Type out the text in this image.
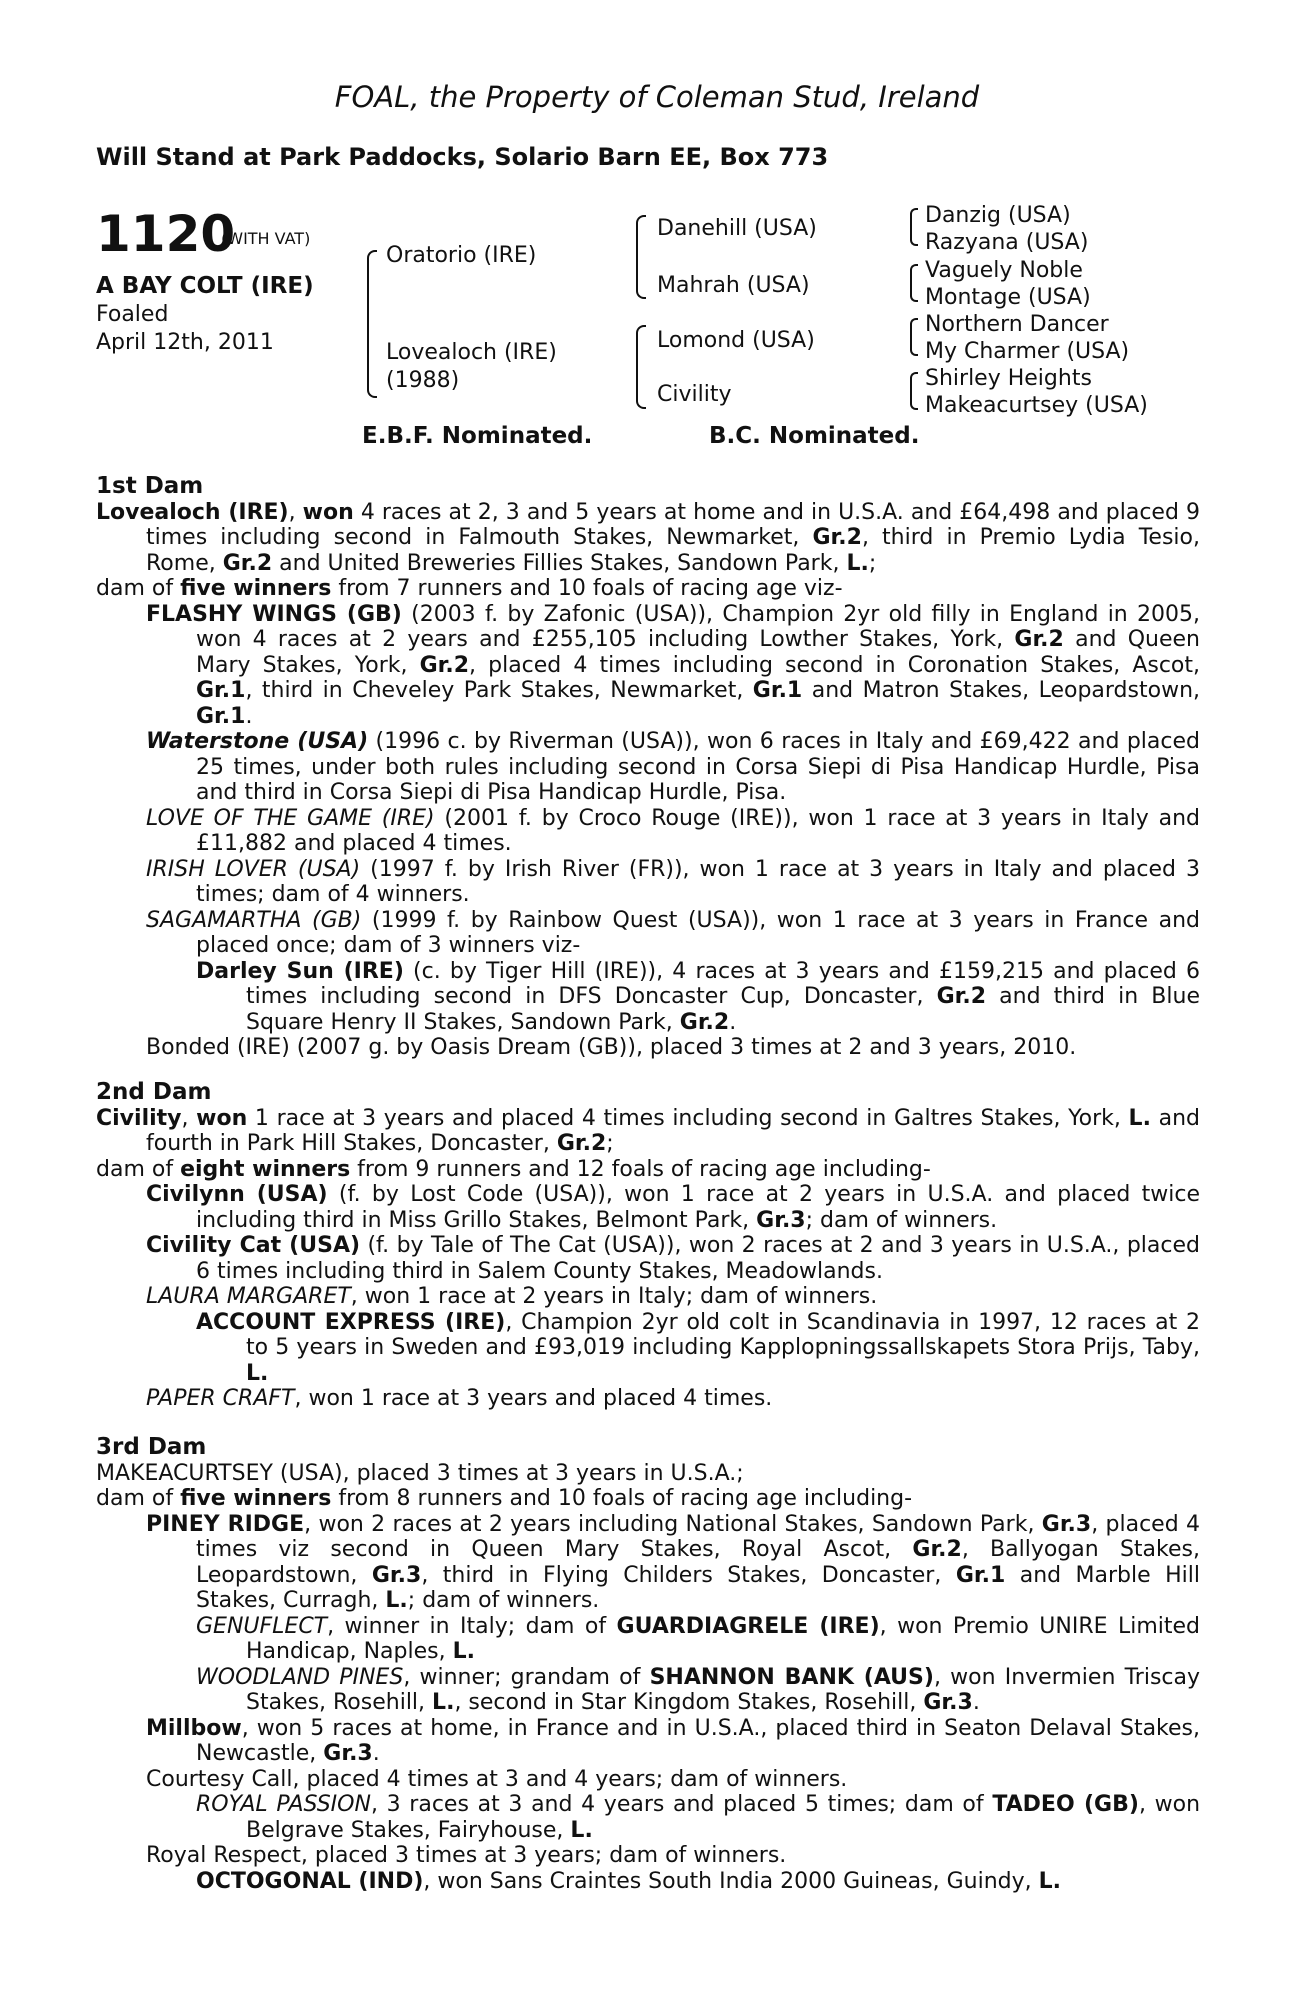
FOAL, the Property of Coleman Stud, Ireland
Will Stand at Park Paddocks, Solario Barn EE, Box 773
1120
(WITH VAT)
A BAY COLT (IRE)
Foaled
April 12th, 2011
Oratorio (IRE)
Lovealoch (IRE)
(1988)
Danehill (USA)
Mahrah (USA)
Lomond (USA)
Civility
Danzig (USA)
Razyana (USA)
Vaguely Noble
Montage (USA)
Northern Dancer
My Charmer (USA)
Shirley Heights
Makeacurtsey (USA)
E.B.F. Nominated.	B.C. Nominated.
1st Dam

Lovealoch (IRE), won 4 races at 2, 3 and 5 years at home and in U.S.A. and £64,498 and placed 9 times including second in Falmouth Stakes, Newmarket, Gr.2, third in Premio Lydia Tesio, Rome, Gr.2 and United Breweries Fillies Stakes, Sandown Park, L.;

dam of five winners from 7 runners and 10 foals of racing age viz-

FLASHY WINGS (GB) (2003 f. by Zafonic (USA)), Champion 2yr old filly in England in 2005, won 4 races at 2 years and £255,105 including Lowther Stakes, York, Gr.2 and Queen Mary Stakes, York, Gr.2, placed 4 times including second in Coronation Stakes, Ascot, Gr.1, third in Cheveley Park Stakes, Newmarket, Gr.1 and Matron Stakes, Leopardstown, Gr.1.

Waterstone (USA) (1996 c. by Riverman (USA)), won 6 races in Italy and £69,422 and placed 25 times, under both rules including second in Corsa Siepi di Pisa Handicap Hurdle, Pisa and third in Corsa Siepi di Pisa Handicap Hurdle, Pisa.

LOVE OF THE GAME (IRE) (2001 f. by Croco Rouge (IRE)), won 1 race at 3 years in Italy and £11,882 and placed 4 times.

IRISH LOVER (USA) (1997 f. by Irish River (FR)), won 1 race at 3 years in Italy and placed 3 times; dam of 4 winners.

SAGAMARTHA (GB) (1999 f. by Rainbow Quest (USA)), won 1 race at 3 years in France and placed once; dam of 3 winners viz-

Darley Sun (IRE) (c. by Tiger Hill (IRE)), 4 races at 3 years and £159,215 and placed 6 times including second in DFS Doncaster Cup, Doncaster, Gr.2 and third in Blue Square Henry II Stakes, Sandown Park, Gr.2.

Bonded (IRE) (2007 g. by Oasis Dream (GB)), placed 3 times at 2 and 3 years, 2010.

2nd Dam

Civility, won 1 race at 3 years and placed 4 times including second in Galtres Stakes, York, L. and fourth in Park Hill Stakes, Doncaster, Gr.2;

dam of eight winners from 9 runners and 12 foals of racing age including-

Civilynn (USA) (f. by Lost Code (USA)), won 1 race at 2 years in U.S.A. and placed twice including third in Miss Grillo Stakes, Belmont Park, Gr.3; dam of winners.

Civility Cat (USA) (f. by Tale of The Cat (USA)), won 2 races at 2 and 3 years in U.S.A., placed 6 times including third in Salem County Stakes, Meadowlands.

LAURA MARGARET, won 1 race at 2 years in Italy; dam of winners.

ACCOUNT EXPRESS (IRE), Champion 2yr old colt in Scandinavia in 1997, 12 races at 2 to 5 years in Sweden and £93,019 including Kapplopningssallskapets Stora Prijs, Taby, L.

PAPER CRAFT, won 1 race at 3 years and placed 4 times.

3rd Dam

MAKEACURTSEY (USA), placed 3 times at 3 years in U.S.A.;

dam of five winners from 8 runners and 10 foals of racing age including-

PINEY RIDGE, won 2 races at 2 years including National Stakes, Sandown Park, Gr.3, placed 4 times viz second in Queen Mary Stakes, Royal Ascot, Gr.2, Ballyogan Stakes, Leopardstown, Gr.3, third in Flying Childers Stakes, Doncaster, Gr.1 and Marble Hill Stakes, Curragh, L.; dam of winners.

GENUFLECT, winner in Italy; dam of GUARDIAGRELE (IRE), won Premio UNIRE Limited Handicap, Naples, L.

WOODLAND PINES, winner; grandam of SHANNON BANK (AUS), won Invermien Triscay Stakes, Rosehill, L., second in Star Kingdom Stakes, Rosehill, Gr.3.

Millbow, won 5 races at home, in France and in U.S.A., placed third in Seaton Delaval Stakes, Newcastle, Gr.3.

Courtesy Call, placed 4 times at 3 and 4 years; dam of winners.

ROYAL PASSION, 3 races at 3 and 4 years and placed 5 times; dam of TADEO (GB), won Belgrave Stakes, Fairyhouse, L.

Royal Respect, placed 3 times at 3 years; dam of winners.

OCTOGONAL (IND), won Sans Craintes South India 2000 Guineas, Guindy, L.
